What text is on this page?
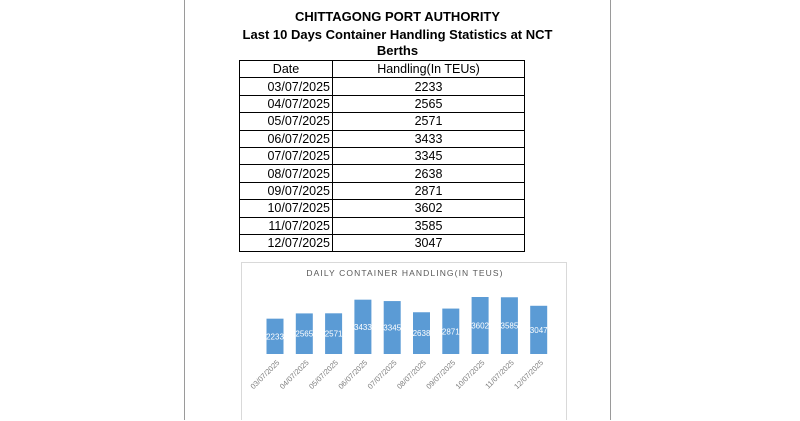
CHITTAGONG PORT AUTHORITY
Last 10 Days Container Handling Statistics at NCT
Berths
Date	Handling(In TEUs)
03/07/2025	2233
04/07/2025	2565
05/07/2025	2571
06/07/2025	3433
07/07/2025	3345
08/07/2025	2638
09/07/2025	2871
10/07/2025	3602
11/07/2025	3585
12/07/2025	3047
DAILY CONTAINER HANDLING(IN TEUS)
2233
03/07/2025
2565
04/07/2025
2571
05/07/2025
3433
06/07/2025
3345
07/07/2025
2638
08/07/2025
2871
09/07/2025
3602
10/07/2025
3585
11/07/2025
3047
12/07/2025
